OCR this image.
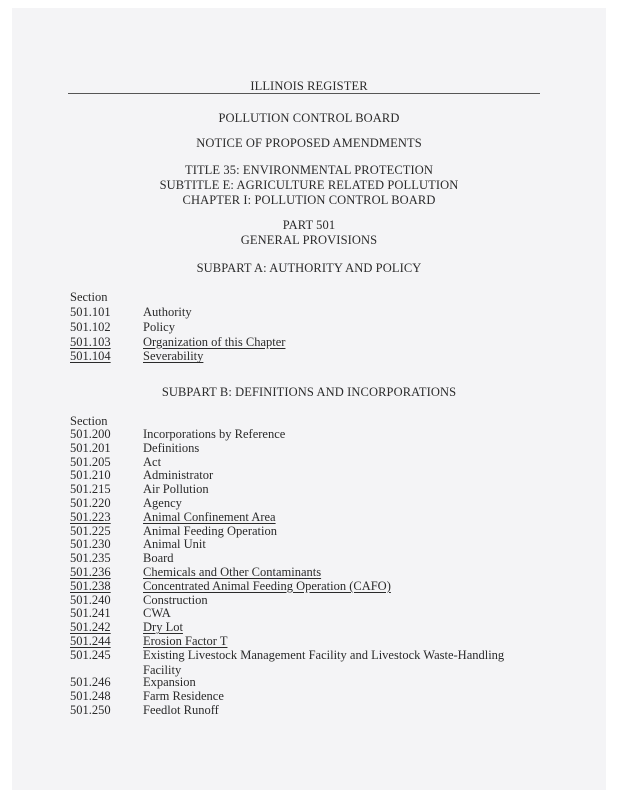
ILLINOIS REGISTER
POLLUTION CONTROL BOARD
NOTICE OF PROPOSED AMENDMENTS
TITLE 35: ENVIRONMENTAL PROTECTION
SUBTITLE E: AGRICULTURE RELATED POLLUTION
CHAPTER I: POLLUTION CONTROL BOARD
PART 501
GENERAL PROVISIONS
SUBPART A: AUTHORITY AND POLICY
Section
501.101	Authority
501.102	Policy
501.103	Organization of this Chapter
501.104	Severability
SUBPART B: DEFINITIONS AND INCORPORATIONS
Section
501.200	Incorporations by Reference
501.201	Definitions
501.205	Act
501.210	Administrator
501.215	Air Pollution
501.220	Agency
501.223	Animal Confinement Area
501.225	Animal Feeding Operation
501.230	Animal Unit
501.235	Board
501.236	Chemicals and Other Contaminants
501.238	Concentrated Animal Feeding Operation (CAFO)
501.240	Construction
501.241	CWA
501.242	Dry Lot
501.244	Erosion Factor T
501.245	Existing Livestock Management Facility and Livestock Waste-Handling Facility
501.246	Expansion
501.248	Farm Residence
501.250	Feedlot Runoff
